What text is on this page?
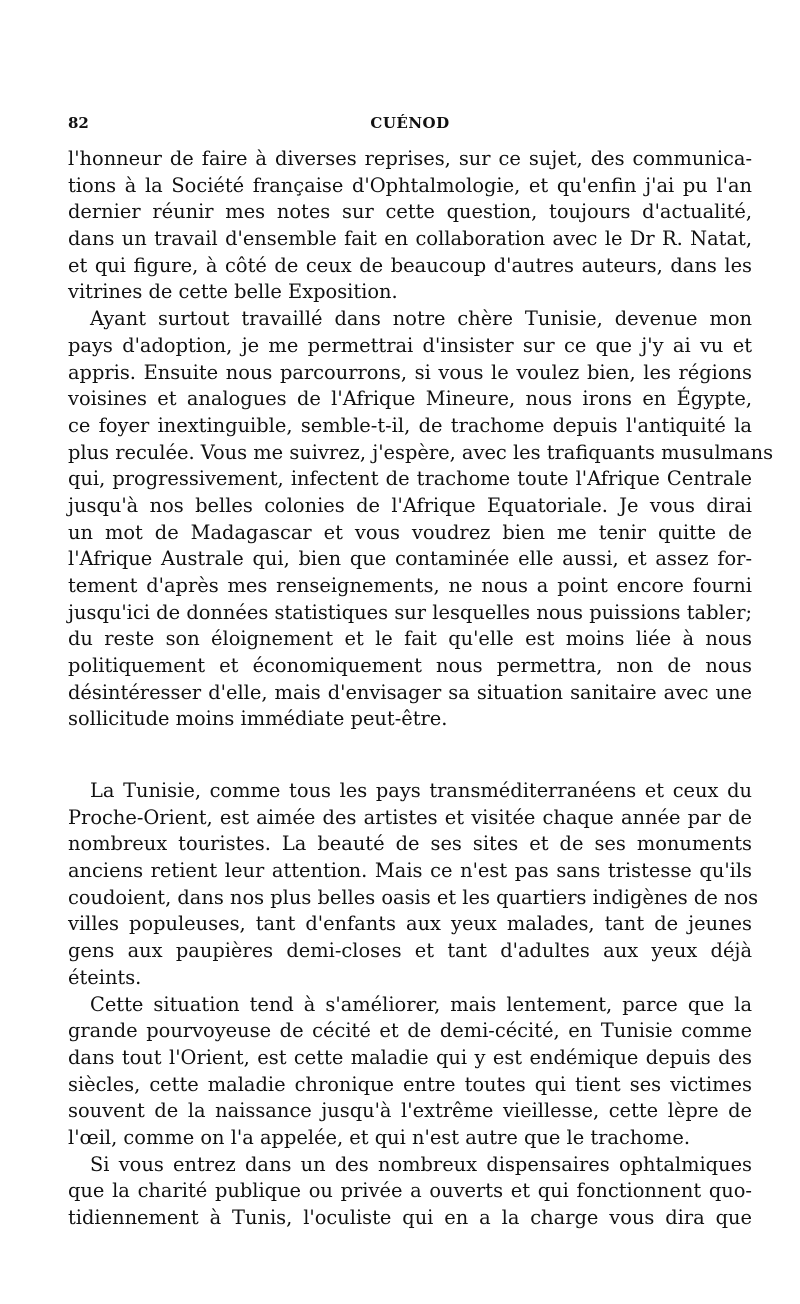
82	CUÉNOD
l'honneur de faire à diverses reprises, sur ce sujet, des communica-
tions à la Société française d'Ophtalmologie, et qu'enfin j'ai pu l'an
dernier réunir mes notes sur cette question, toujours d'actualité,
dans un travail d'ensemble fait en collaboration avec le Dr R. Natat,
et qui figure, à côté de ceux de beaucoup d'autres auteurs, dans les
vitrines de cette belle Exposition.
Ayant surtout travaillé dans notre chère Tunisie, devenue mon
pays d'adoption, je me permettrai d'insister sur ce que j'y ai vu et
appris. Ensuite nous parcourrons, si vous le voulez bien, les régions
voisines et analogues de l'Afrique Mineure, nous irons en Égypte,
ce foyer inextinguible, semble-t-il, de trachome depuis l'antiquité la
plus reculée. Vous me suivrez, j'espère, avec les trafiquants musulmans
qui, progressivement, infectent de trachome toute l'Afrique Centrale
jusqu'à nos belles colonies de l'Afrique Equatoriale. Je vous dirai
un mot de Madagascar et vous voudrez bien me tenir quitte de
l'Afrique Australe qui, bien que contaminée elle aussi, et assez for-
tement d'après mes renseignements, ne nous a point encore fourni
jusqu'ici de données statistiques sur lesquelles nous puissions tabler;
du reste son éloignement et le fait qu'elle est moins liée à nous
politiquement et économiquement nous permettra, non de nous
désintéresser d'elle, mais d'envisager sa situation sanitaire avec une
sollicitude moins immédiate peut-être.
La Tunisie, comme tous les pays transméditerranéens et ceux du
Proche-Orient, est aimée des artistes et visitée chaque année par de
nombreux touristes. La beauté de ses sites et de ses monuments
anciens retient leur attention. Mais ce n'est pas sans tristesse qu'ils
coudoient, dans nos plus belles oasis et les quartiers indigènes de nos
villes populeuses, tant d'enfants aux yeux malades, tant de jeunes
gens aux paupières demi-closes et tant d'adultes aux yeux déjà
éteints.
Cette situation tend à s'améliorer, mais lentement, parce que la
grande pourvoyeuse de cécité et de demi-cécité, en Tunisie comme
dans tout l'Orient, est cette maladie qui y est endémique depuis des
siècles, cette maladie chronique entre toutes qui tient ses victimes
souvent de la naissance jusqu'à l'extrême vieillesse, cette lèpre de
l'œil, comme on l'a appelée, et qui n'est autre que le trachome.
Si vous entrez dans un des nombreux dispensaires ophtalmiques
que la charité publique ou privée a ouverts et qui fonctionnent quo-
tidiennement à Tunis, l'oculiste qui en a la charge vous dira que
